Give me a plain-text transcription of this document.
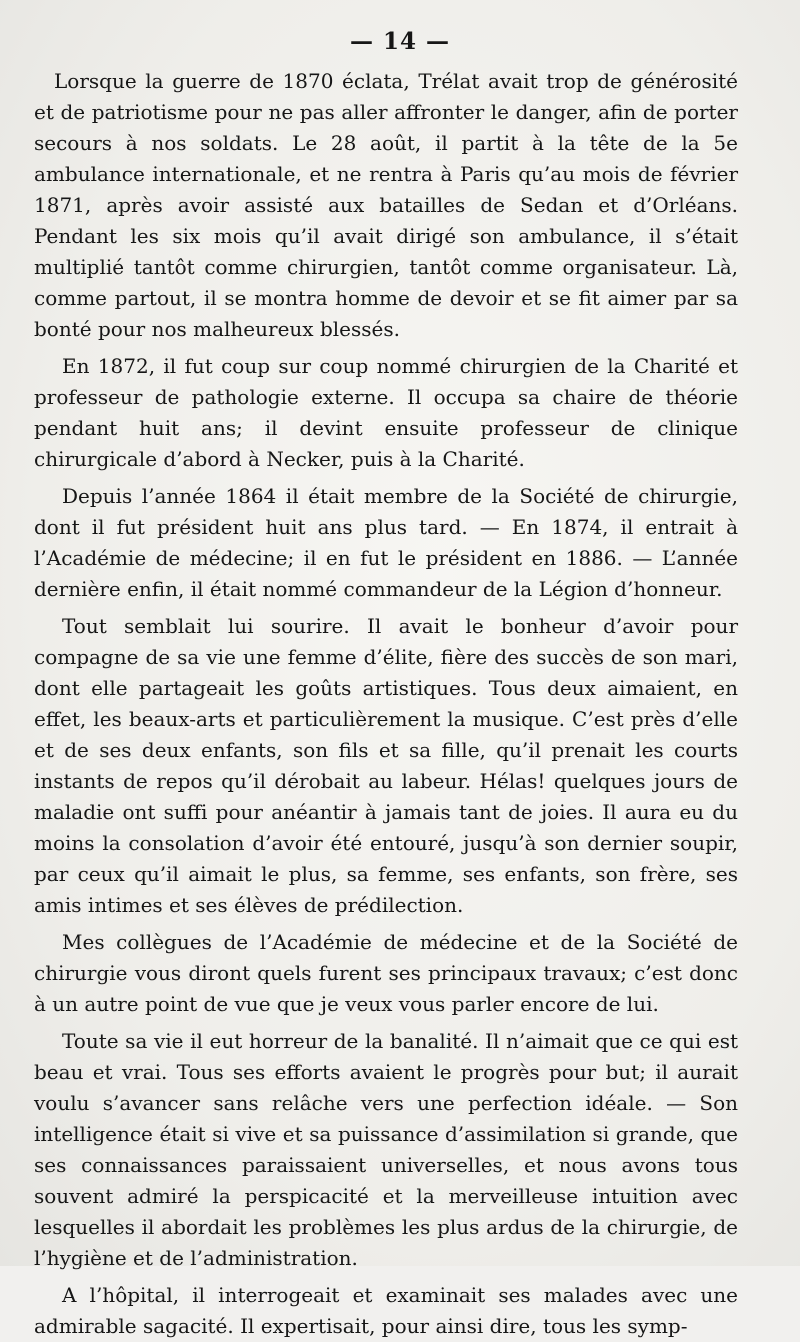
— 14 —

Lorsque la guerre de 1870 éclata, Trélat avait trop de générosité et de patriotisme pour ne pas aller affronter le danger, afin de porter secours à nos soldats. Le 28 août, il partit à la tête de la 5e ambulance internationale, et ne rentra à Paris qu’au mois de février 1871, après avoir assisté aux batailles de Sedan et d’Orléans. Pendant les six mois qu’il avait dirigé son ambulance, il s’était multiplié tantôt comme chirurgien, tantôt comme organisateur. Là, comme partout, il se montra homme de devoir et se fit aimer par sa bonté pour nos malheureux blessés.

En 1872, il fut coup sur coup nommé chirurgien de la Charité et professeur de pathologie externe. Il occupa sa chaire de théorie pendant huit ans; il devint ensuite professeur de clinique chirurgicale d’abord à Necker, puis à la Charité.

Depuis l’année 1864 il était membre de la Société de chirurgie, dont il fut président huit ans plus tard. — En 1874, il entrait à l’Académie de médecine; il en fut le président en 1886. — L’année dernière enfin, il était nommé commandeur de la Légion d’honneur.

Tout semblait lui sourire. Il avait le bonheur d’avoir pour compagne de sa vie une femme d’élite, fière des succès de son mari, dont elle partageait les goûts artistiques. Tous deux aimaient, en effet, les beaux-arts et particulièrement la musique. C’est près d’elle et de ses deux enfants, son fils et sa fille, qu’il prenait les courts instants de repos qu’il dérobait au labeur. Hélas! quelques jours de maladie ont suffi pour anéantir à jamais tant de joies. Il aura eu du moins la consolation d’avoir été entouré, jusqu’à son dernier soupir, par ceux qu’il aimait le plus, sa femme, ses enfants, son frère, ses amis intimes et ses élèves de prédilection.

Mes collègues de l’Académie de médecine et de la Société de chirurgie vous diront quels furent ses principaux travaux; c’est donc à un autre point de vue que je veux vous parler encore de lui.

Toute sa vie il eut horreur de la banalité. Il n’aimait que ce qui est beau et vrai. Tous ses efforts avaient le progrès pour but; il aurait voulu s’avancer sans relâche vers une perfection idéale. — Son intelligence était si vive et sa puissance d’assimilation si grande, que ses connaissances paraissaient universelles, et nous avons tous souvent admiré la perspicacité et la merveilleuse intuition avec lesquelles il abordait les problèmes les plus ardus de la chirurgie, de l’hygiène et de l’administration.

A l’hôpital, il interrogeait et examinait ses malades avec une admirable sagacité. Il expertisait, pour ainsi dire, tous les symp-
